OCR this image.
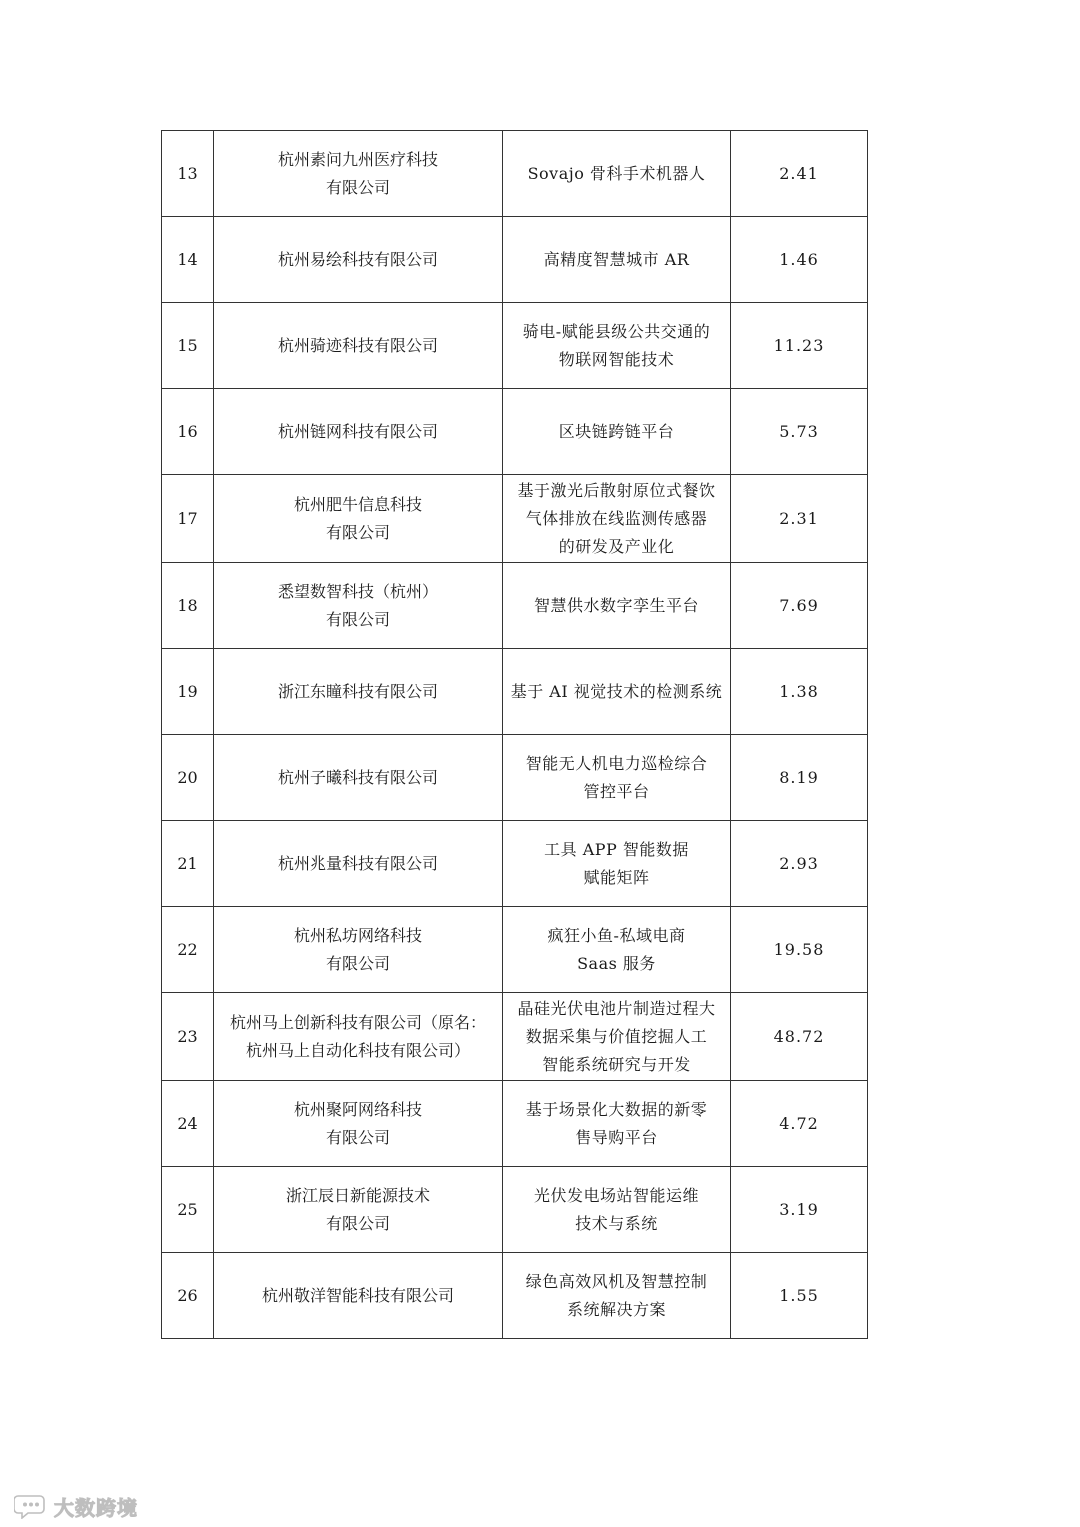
13	杭州素问九州医疗科技
有限公司	Sovajo 骨科手术机器人	2.41
14	杭州易绘科技有限公司	高精度智慧城市 AR	1.46
15	杭州骑迹科技有限公司	骑电-赋能县级公共交通的
物联网智能技术	11.23
16	杭州链网科技有限公司	区块链跨链平台	5.73
17	杭州肥牛信息科技
有限公司	基于激光后散射原位式餐饮
气体排放在线监测传感器
的研发及产业化	2.31
18	悉望数智科技（杭州）
有限公司	智慧供水数字孪生平台	7.69
19	浙江东瞳科技有限公司	基于 AI 视觉技术的检测系统	1.38
20	杭州子曦科技有限公司	智能无人机电力巡检综合
管控平台	8.19
21	杭州兆量科技有限公司	工具 APP 智能数据
赋能矩阵	2.93
22	杭州私坊网络科技
有限公司	疯狂小鱼-私域电商
Saas 服务	19.58
23	杭州马上创新科技有限公司（原名：
杭州马上自动化科技有限公司）	晶硅光伏电池片制造过程大
数据采集与价值挖掘人工
智能系统研究与开发	48.72
24	杭州聚阿网络科技
有限公司	基于场景化大数据的新零
售导购平台	4.72
25	浙江辰日新能源技术
有限公司	光伏发电场站智能运维
技术与系统	3.19
26	杭州敬洋智能科技有限公司	绿色高效风机及智慧控制
系统解决方案	1.55
大数跨境
